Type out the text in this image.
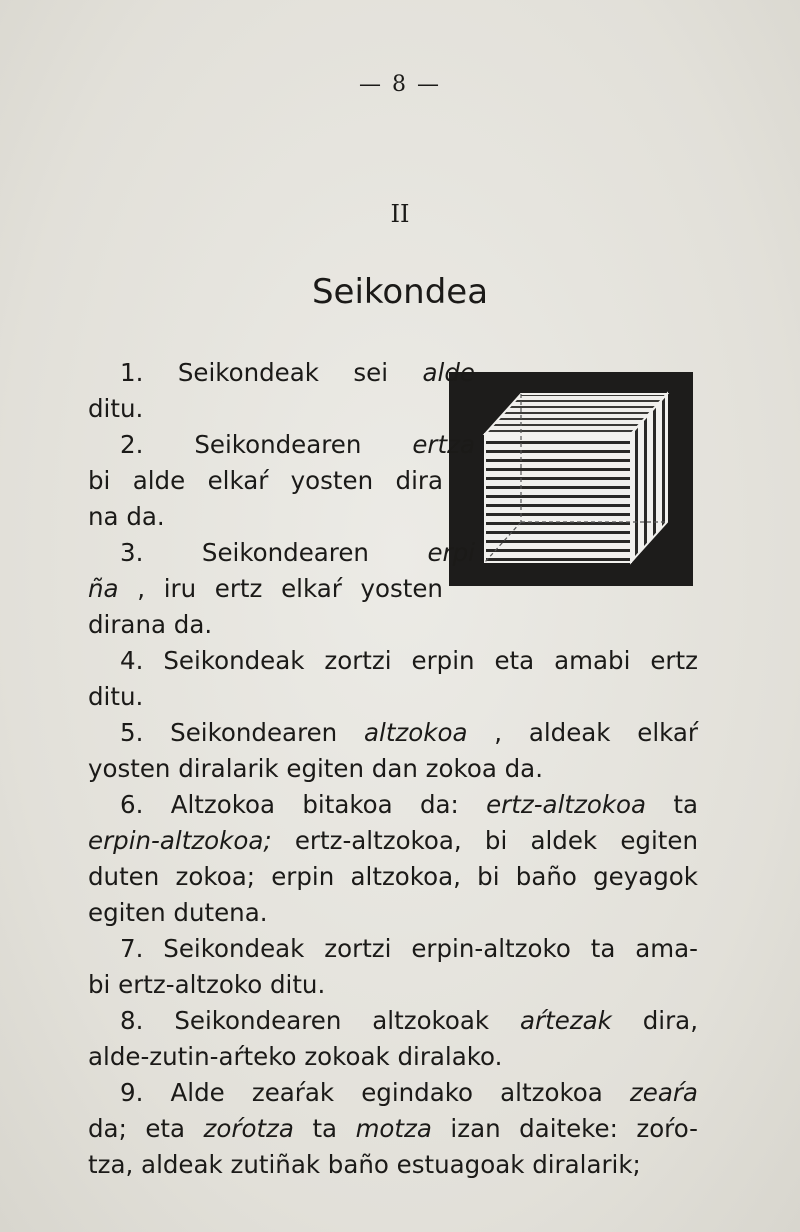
— 8 —
II
Seikondea
1. Seikondeak sei alde
ditu.
2. Seikondearen ertza
bi alde elkaŕ yosten dira
na da.
3. Seikondearen erpi
ña , iru ertz elkaŕ yosten
dirana da.
4. Seikondeak zortzi erpin eta amabi ertz
ditu.
5. Seikondearen altzokoa , aldeak elkaŕ
yosten diralarik egiten dan zokoa da.
6. Altzokoa bitakoa da: ertz-altzokoa ta
erpin-altzokoa; ertz-altzokoa, bi aldek egiten
duten zokoa; erpin altzokoa, bi baño geyagok
egiten dutena.
7. Seikondeak zortzi erpin-altzoko ta ama-
bi ertz-altzoko ditu.
8. Seikondearen altzokoak aŕtezak dira,
alde-zutin-aŕteko zokoak diralako.
9. Alde zeaŕak egindako altzokoa zeaŕa
da; eta zoŕotza ta motza izan daiteke: zoŕo-
tza, aldeak zutiñak baño estuagoak diralarik;
